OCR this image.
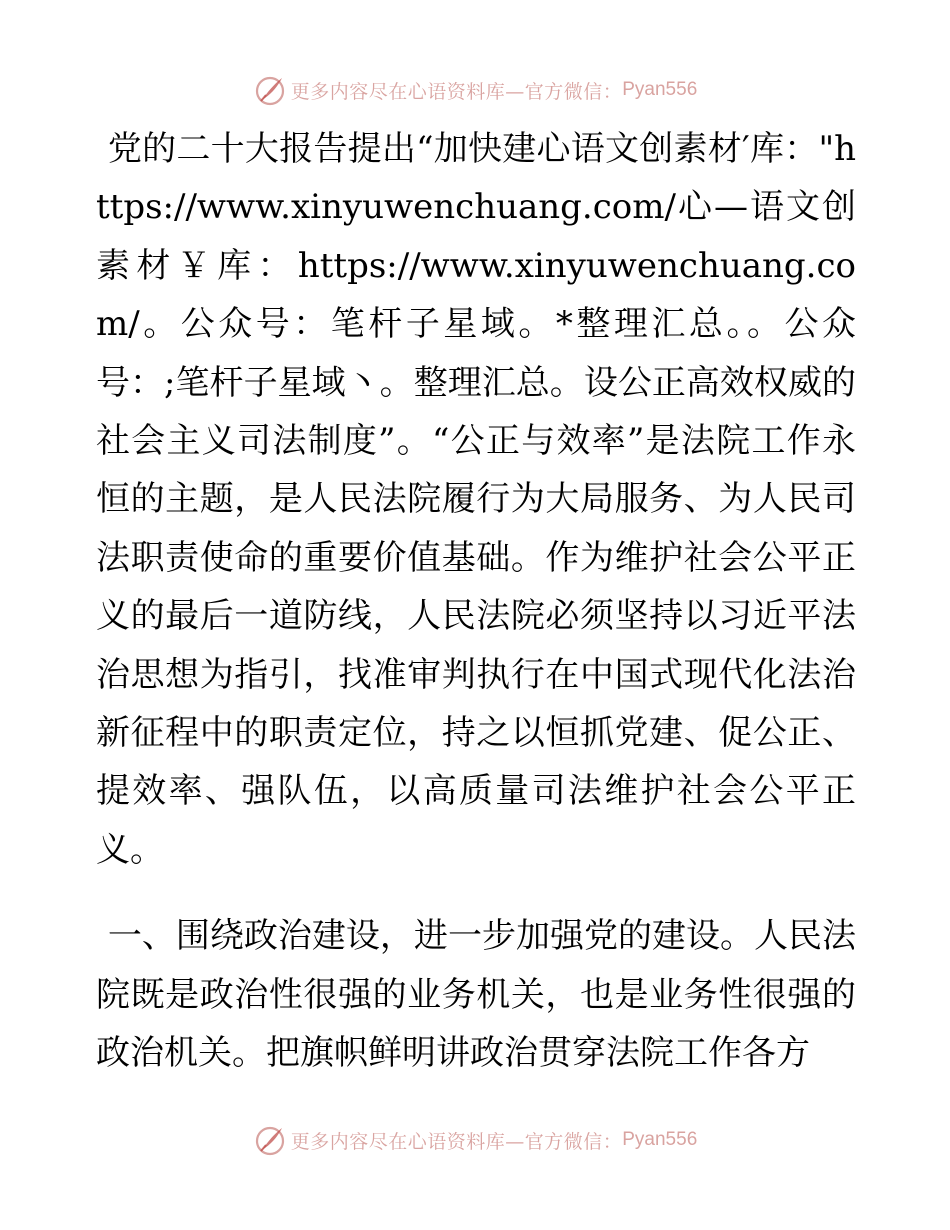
更多内容尽在心语资料库—官方微信： Pyan556

党的二十大报告提出“加快建心语文创素材′库："https://www.xinyuwenchuang.com/心—语文创素材￥库：https://www.xinyuwenchuang.com/。公众号：笔杆子星域。*整理汇总。。公众号：;笔杆子星域丶。整理汇总。设公正高效权威的社会主义司法制度”。“公正与效率”是法院工作永恒的主题，是人民法院履行为大局服务、为人民司法职责使命的重要价值基础。作为维护社会公平正义的最后一道防线，人民法院必须坚持以习近平法治思想为指引，找准审判执行在中国式现代化法治新征程中的职责定位，持之以恒抓党建、促公正、提效率、强队伍，以高质量司法维护社会公平正义。

一、围绕政治建设，进一步加强党的建设。人民法院既是政治性很强的业务机关，也是业务性很强的政治机关。把旗帜鲜明讲政治贯穿法院工作各方

更多内容尽在心语资料库—官方微信： Pyan556
